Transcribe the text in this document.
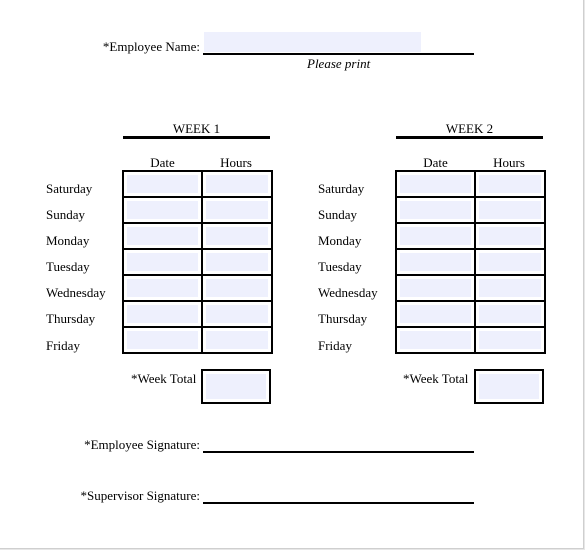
*Employee Name:
Please print
WEEK 1
Date	Hours

Saturday
Sunday
Monday
Tuesday
Wednesday
Thursday
Friday
*Week Total
WEEK 2
Date	Hours

Saturday
Sunday
Monday
Tuesday
Wednesday
Thursday
Friday
*Week Total
*Employee Signature:
*Supervisor Signature:
